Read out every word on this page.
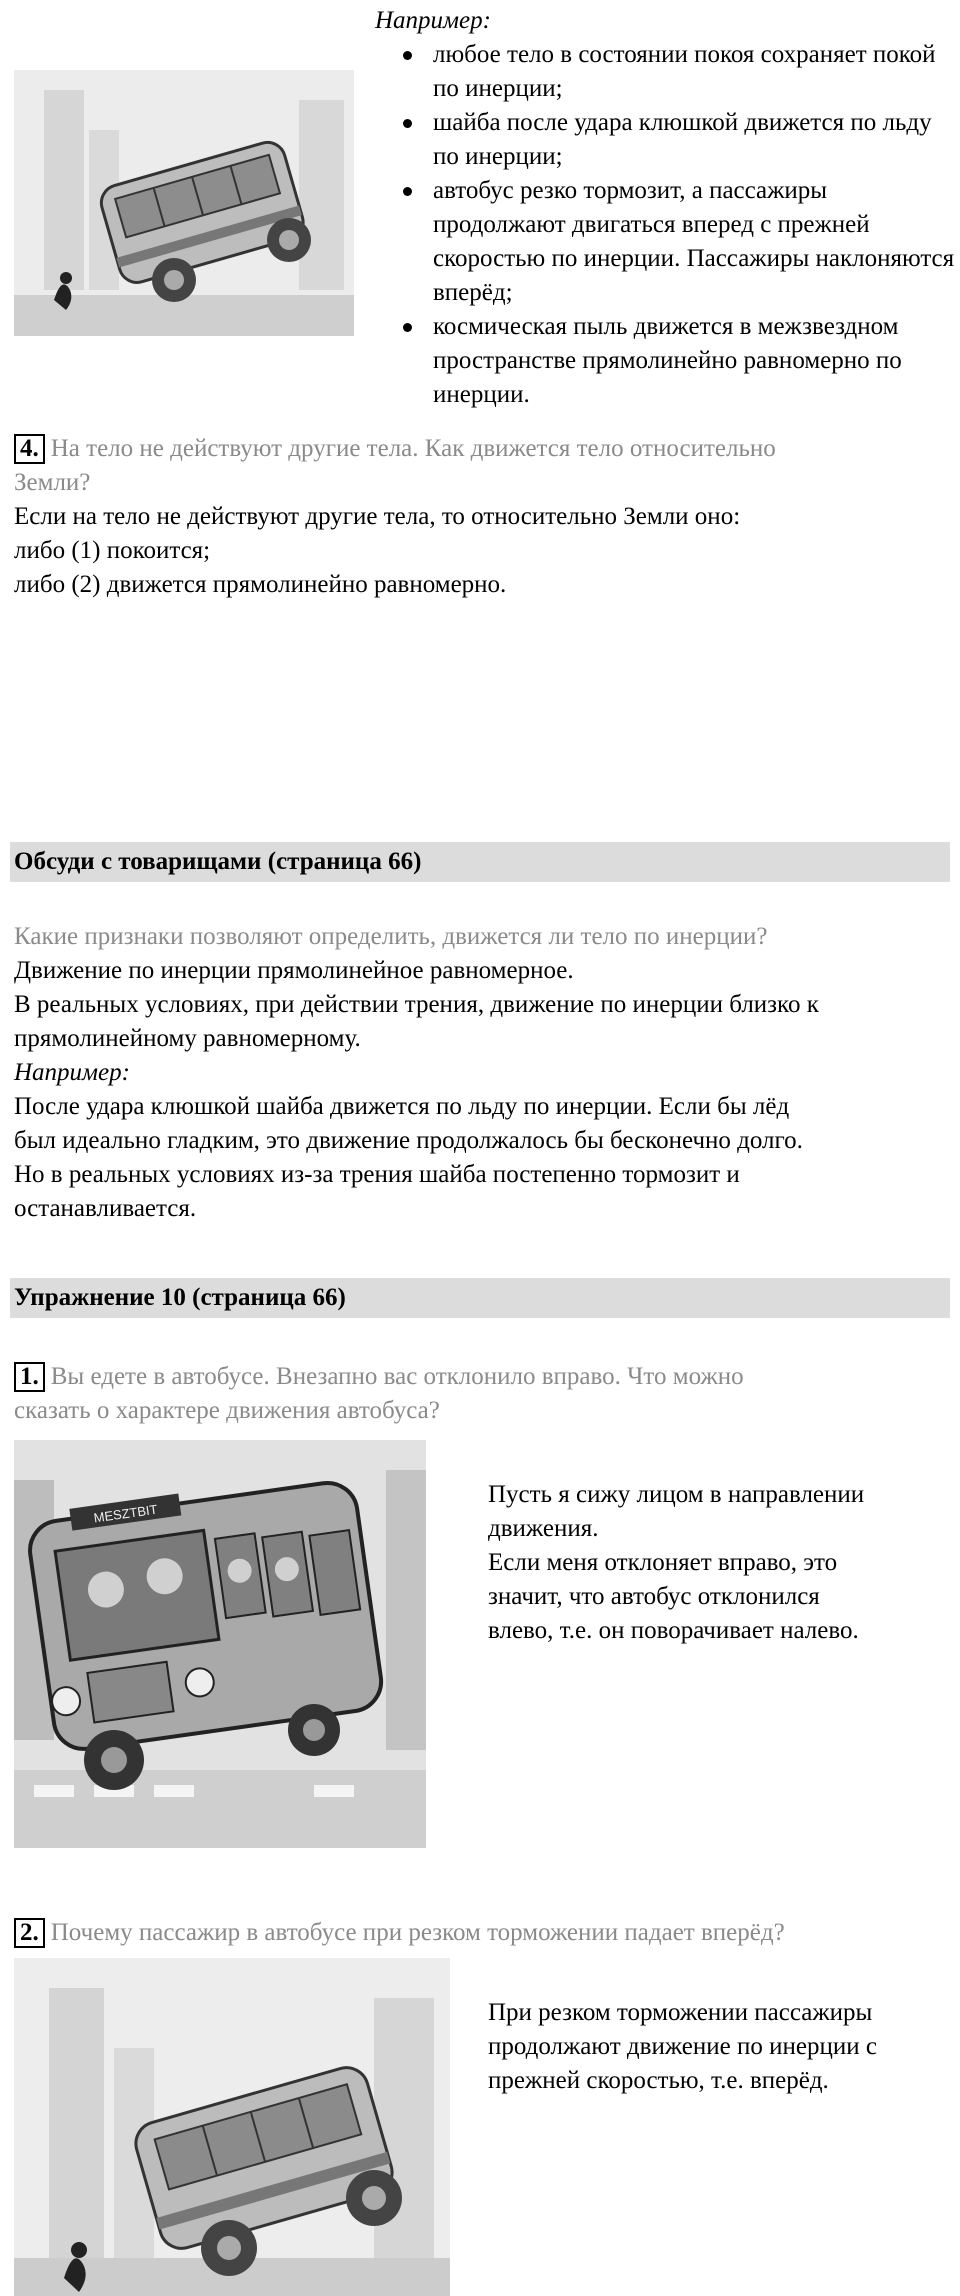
Например:
любое тело в состоянии покоя сохраняет покой по инерции;
шайба после удара клюшкой движется по льду по инерции;
автобус резко тормозит, а пассажиры продолжают двигаться вперед с прежней скоростью по инерции. Пассажиры наклоняются вперёд;
космическая пыль движется в межзвездном пространстве прямолинейно равномерно по инерции.
4. На тело не действуют другие тела. Как движется тело относительно
Земли?
Если на тело не действуют другие тела, то относительно Земли оно:
либо (1) покоится;
либо (2) движется прямолинейно равномерно.
Обсуди с товарищами (страница 66)
Какие признаки позволяют определить, движется ли тело по инерции?
Движение по инерции прямолинейное равномерное.
В реальных условиях, при действии трения, движение по инерции близко к
прямолинейному равномерному.
Например:
После удара клюшкой шайба движется по льду по инерции. Если бы лёд
был идеально гладким, это движение продолжалось бы бесконечно долго.
Но в реальных условиях из-за трения шайба постепенно тормозит и
останавливается.
Упражнение 10 (страница 66)
1. Вы едете в автобусе. Внезапно вас отклонило вправо. Что можно
сказать о характере движения автобуса?
MESZTBIT
Пусть я сижу лицом в направлении
движения.
Если меня отклоняет вправо, это
значит, что автобус отклонился
влево, т.е. он поворачивает налево.
2. Почему пассажир в автобусе при резком торможении падает вперёд?
При резком торможении пассажиры
продолжают движение по инерции с
прежней скоростью, т.е. вперёд.
